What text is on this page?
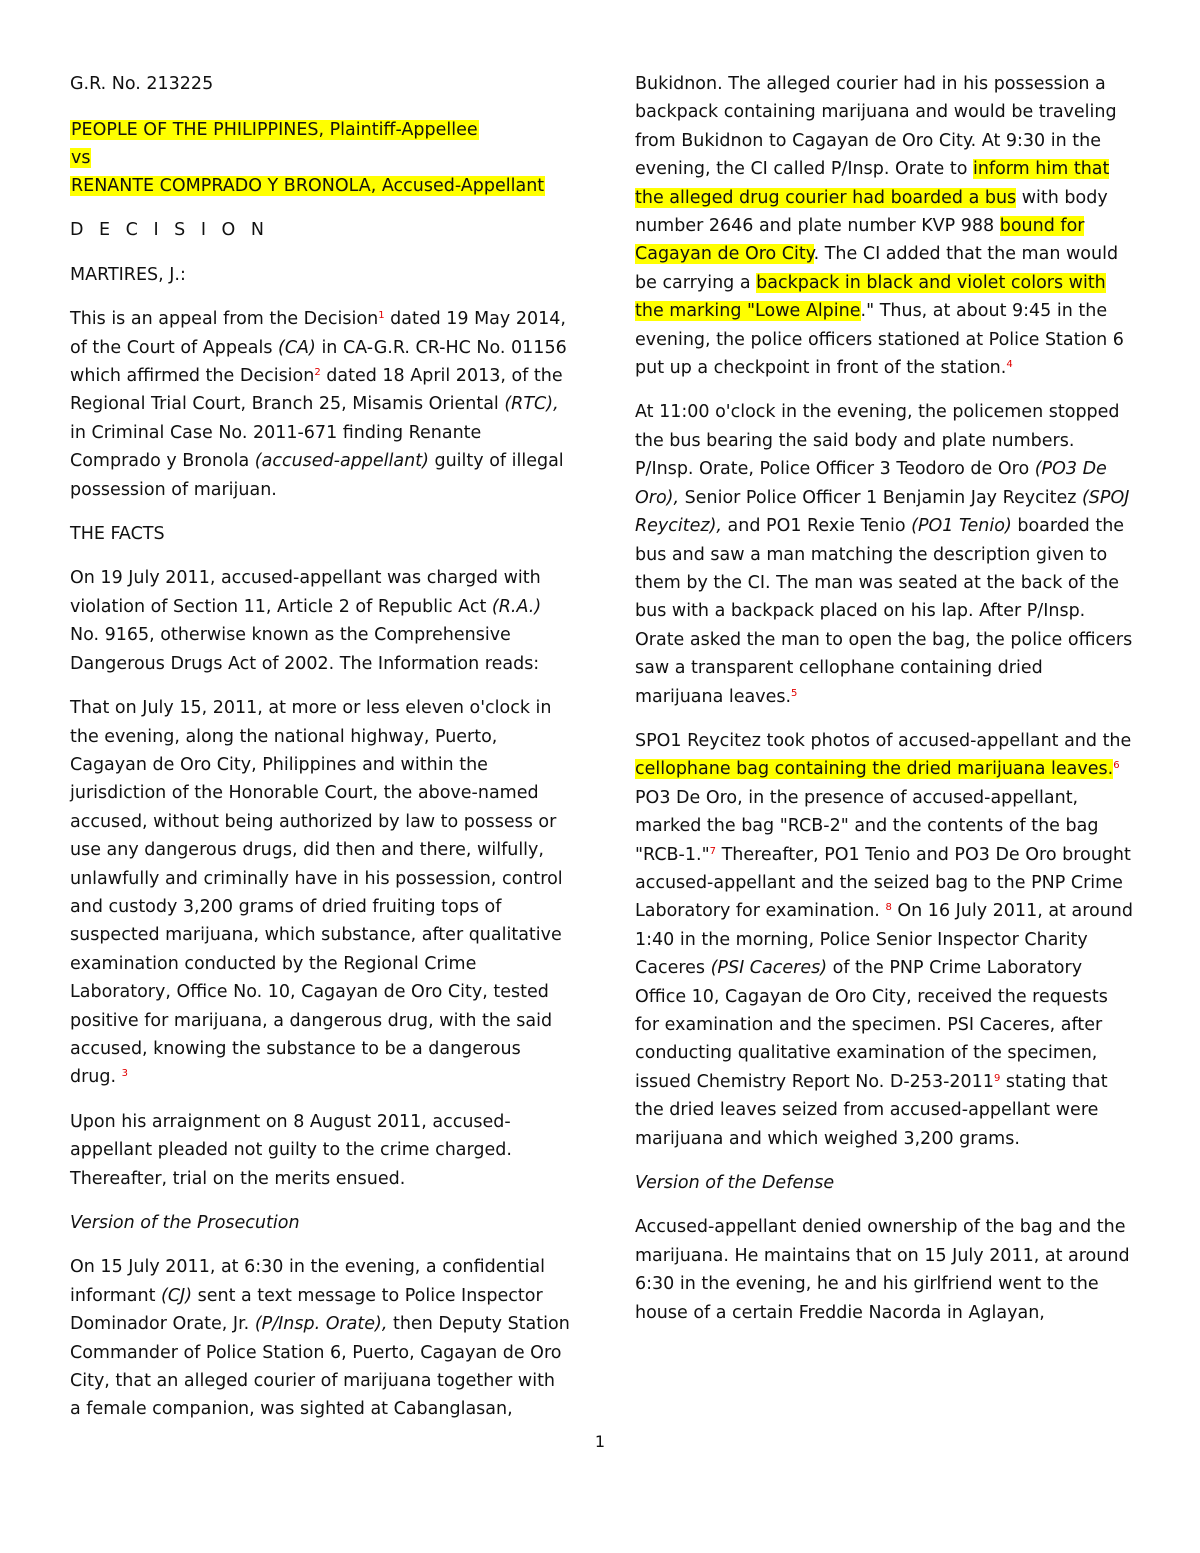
G.R. No. 213225

PEOPLE OF THE PHILIPPINES, Plaintiff-Appellee
vs
RENANTE COMPRADO Y BRONOLA, Accused-Appellant

D E C I S I O N

MARTIRES, J.:

This is an appeal from the Decision$^1$ dated 19 May 2014, of the Court of Appeals (CA) in CA-G.R. CR-HC No. 01156 which affirmed the Decision$^2$ dated 18 April 2013, of the Regional Trial Court, Branch 25, Misamis Oriental (RTC), in Criminal Case No. 2011-671 finding Renante Comprado y Bronola (accused-appellant) guilty of illegal possession of marijuan.

THE FACTS

On 19 July 2011, accused-appellant was charged with violation of Section 11, Article 2 of Republic Act (R.A.) No. 9165, otherwise known as the Comprehensive Dangerous Drugs Act of 2002. The Information reads:

That on July 15, 2011, at more or less eleven o'clock in the evening, along the national highway, Puerto, Cagayan de Oro City, Philippines and within the jurisdiction of the Honorable Court, the above-named accused, without being authorized by law to possess or use any dangerous drugs, did then and there, wilfully, unlawfully and criminally have in his possession, control and custody 3,200 grams of dried fruiting tops of suspected marijuana, which substance, after qualitative examination conducted by the Regional Crime Laboratory, Office No. 10, Cagayan de Oro City, tested positive for marijuana, a dangerous drug, with the said accused, knowing the substance to be a dangerous drug. $^3$

Upon his arraignment on 8 August 2011, accused-appellant pleaded not guilty to the crime charged. Thereafter, trial on the merits ensued.

Version of the Prosecution

On 15 July 2011, at 6:30 in the evening, a confidential informant (CJ) sent a text message to Police Inspector Dominador Orate, Jr. (P/Insp. Orate), then Deputy Station Commander of Police Station 6, Puerto, Cagayan de Oro City, that an alleged courier of marijuana together with a female companion, was sighted at Cabanglasan,

Bukidnon. The alleged courier had in his possession a backpack containing marijuana and would be traveling from Bukidnon to Cagayan de Oro City. At 9:30 in the evening, the CI called P/Insp. Orate to inform him that the alleged drug courier had boarded a bus with body number 2646 and plate number KVP 988 bound for Cagayan de Oro City. The CI added that the man would be carrying a backpack in black and violet colors with the marking "Lowe Alpine." Thus, at about 9:45 in the evening, the police officers stationed at Police Station 6 put up a checkpoint in front of the station.$^4$

At 11:00 o'clock in the evening, the policemen stopped the bus bearing the said body and plate numbers. P/Insp. Orate, Police Officer 3 Teodoro de Oro (PO3 De Oro), Senior Police Officer 1 Benjamin Jay Reycitez (SPOJ Reycitez), and PO1 Rexie Tenio (PO1 Tenio) boarded the bus and saw a man matching the description given to them by the CI. The man was seated at the back of the bus with a backpack placed on his lap. After P/Insp. Orate asked the man to open the bag, the police officers saw a transparent cellophane containing dried marijuana leaves.$^5$

SPO1 Reycitez took photos of accused-appellant and the cellophane bag containing the dried marijuana leaves.$^6$ PO3 De Oro, in the presence of accused-appellant, marked the bag "RCB-2" and the contents of the bag "RCB-1."$^7$ Thereafter, PO1 Tenio and PO3 De Oro brought accused-appellant and the seized bag to the PNP Crime Laboratory for examination. $^8$ On 16 July 2011, at around 1:40 in the morning, Police Senior Inspector Charity Caceres (PSI Caceres) of the PNP Crime Laboratory Office 10, Cagayan de Oro City, received the requests for examination and the specimen. PSI Caceres, after conducting qualitative examination of the specimen, issued Chemistry Report No. D-253-2011$^9$ stating that the dried leaves seized from accused-appellant were marijuana and which weighed 3,200 grams.

Version of the Defense

Accused-appellant denied ownership of the bag and the marijuana. He maintains that on 15 July 2011, at around 6:30 in the evening, he and his girlfriend went to the house of a certain Freddie Nacorda in Aglayan,

1
